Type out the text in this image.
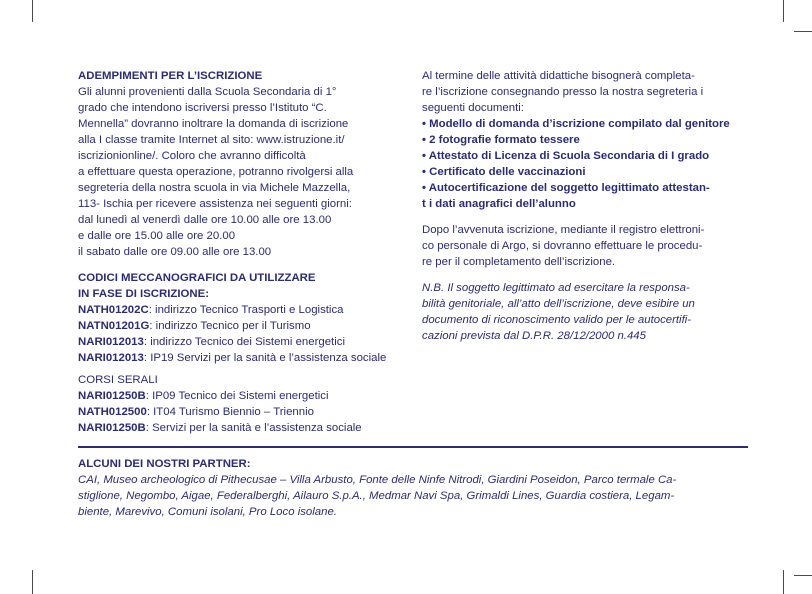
ADEMPIMENTI PER L’ISCRIZIONE
Gli alunni provenienti dalla Scuola Secondaria di 1°
grado che intendono iscriversi presso l’Istituto “C.
Mennella” dovranno inoltrare la domanda di iscrizione
alla I classe tramite Internet al sito: www.istruzione.it/
iscrizionionline/. Coloro che avranno difficoltà
a effettuare questa operazione, potranno rivolgersi alla
segreteria della nostra scuola in via Michele Mazzella,
113- Ischia per ricevere assistenza nei seguenti giorni:
dal lunedì al venerdì dalle ore 10.00 alle ore 13.00
e dalle ore 15.00 alle ore 20.00
il sabato dalle ore 09.00 alle ore 13.00
CODICI MECCANOGRAFICI DA UTILIZZARE
IN FASE DI ISCRIZIONE:
NATH01202C: indirizzo Tecnico Trasporti e Logistica
NATN01201G: indirizzo Tecnico per il Turismo
NARI012013: indirizzo Tecnico dei Sistemi energetici
NARI012013: IP19 Servizi per la sanità e l’assistenza sociale
CORSI SERALI
NARI01250B: IP09 Tecnico dei Sistemi energetici
NATH012500: IT04 Turismo Biennio – Triennio
NARI01250B: Servizi per la sanità e l’assistenza sociale
Al termine delle attività didattiche bisognerà completa-
re l’iscrizione consegnando presso la nostra segreteria i
seguenti documenti:
• Modello di domanda d’iscrizione compilato dal genitore
• 2 fotografie formato tessere
• Attestato di Licenza di Scuola Secondaria di I grado
• Certificato delle vaccinazioni
• Autocertificazione del soggetto legittimato attestan-
t i dati anagrafici dell’alunno
Dopo l’avvenuta iscrizione, mediante il registro elettroni-
co personale di Argo, si dovranno effettuare le procedu-
re per il completamento dell’iscrizione.
N.B. Il soggetto legittimato ad esercitare la responsa-
bilità genitoriale, all’atto dell’iscrizione, deve esibire un
documento di riconoscimento valido per le autocertifi-
cazioni prevista dal D.P.R. 28/12/2000 n.445
ALCUNI DEI NOSTRI PARTNER:
CAI, Museo archeologico di Pithecusae – Villa Arbusto, Fonte delle Ninfe Nitrodi, Giardini Poseidon, Parco termale Ca-
stiglione, Negombo, Aigae, Federalberghi, Ailauro S.p.A., Medmar Navi Spa, Grimaldi Lines, Guardia costiera, Legam-
biente, Marevivo, Comuni isolani, Pro Loco isolane.
